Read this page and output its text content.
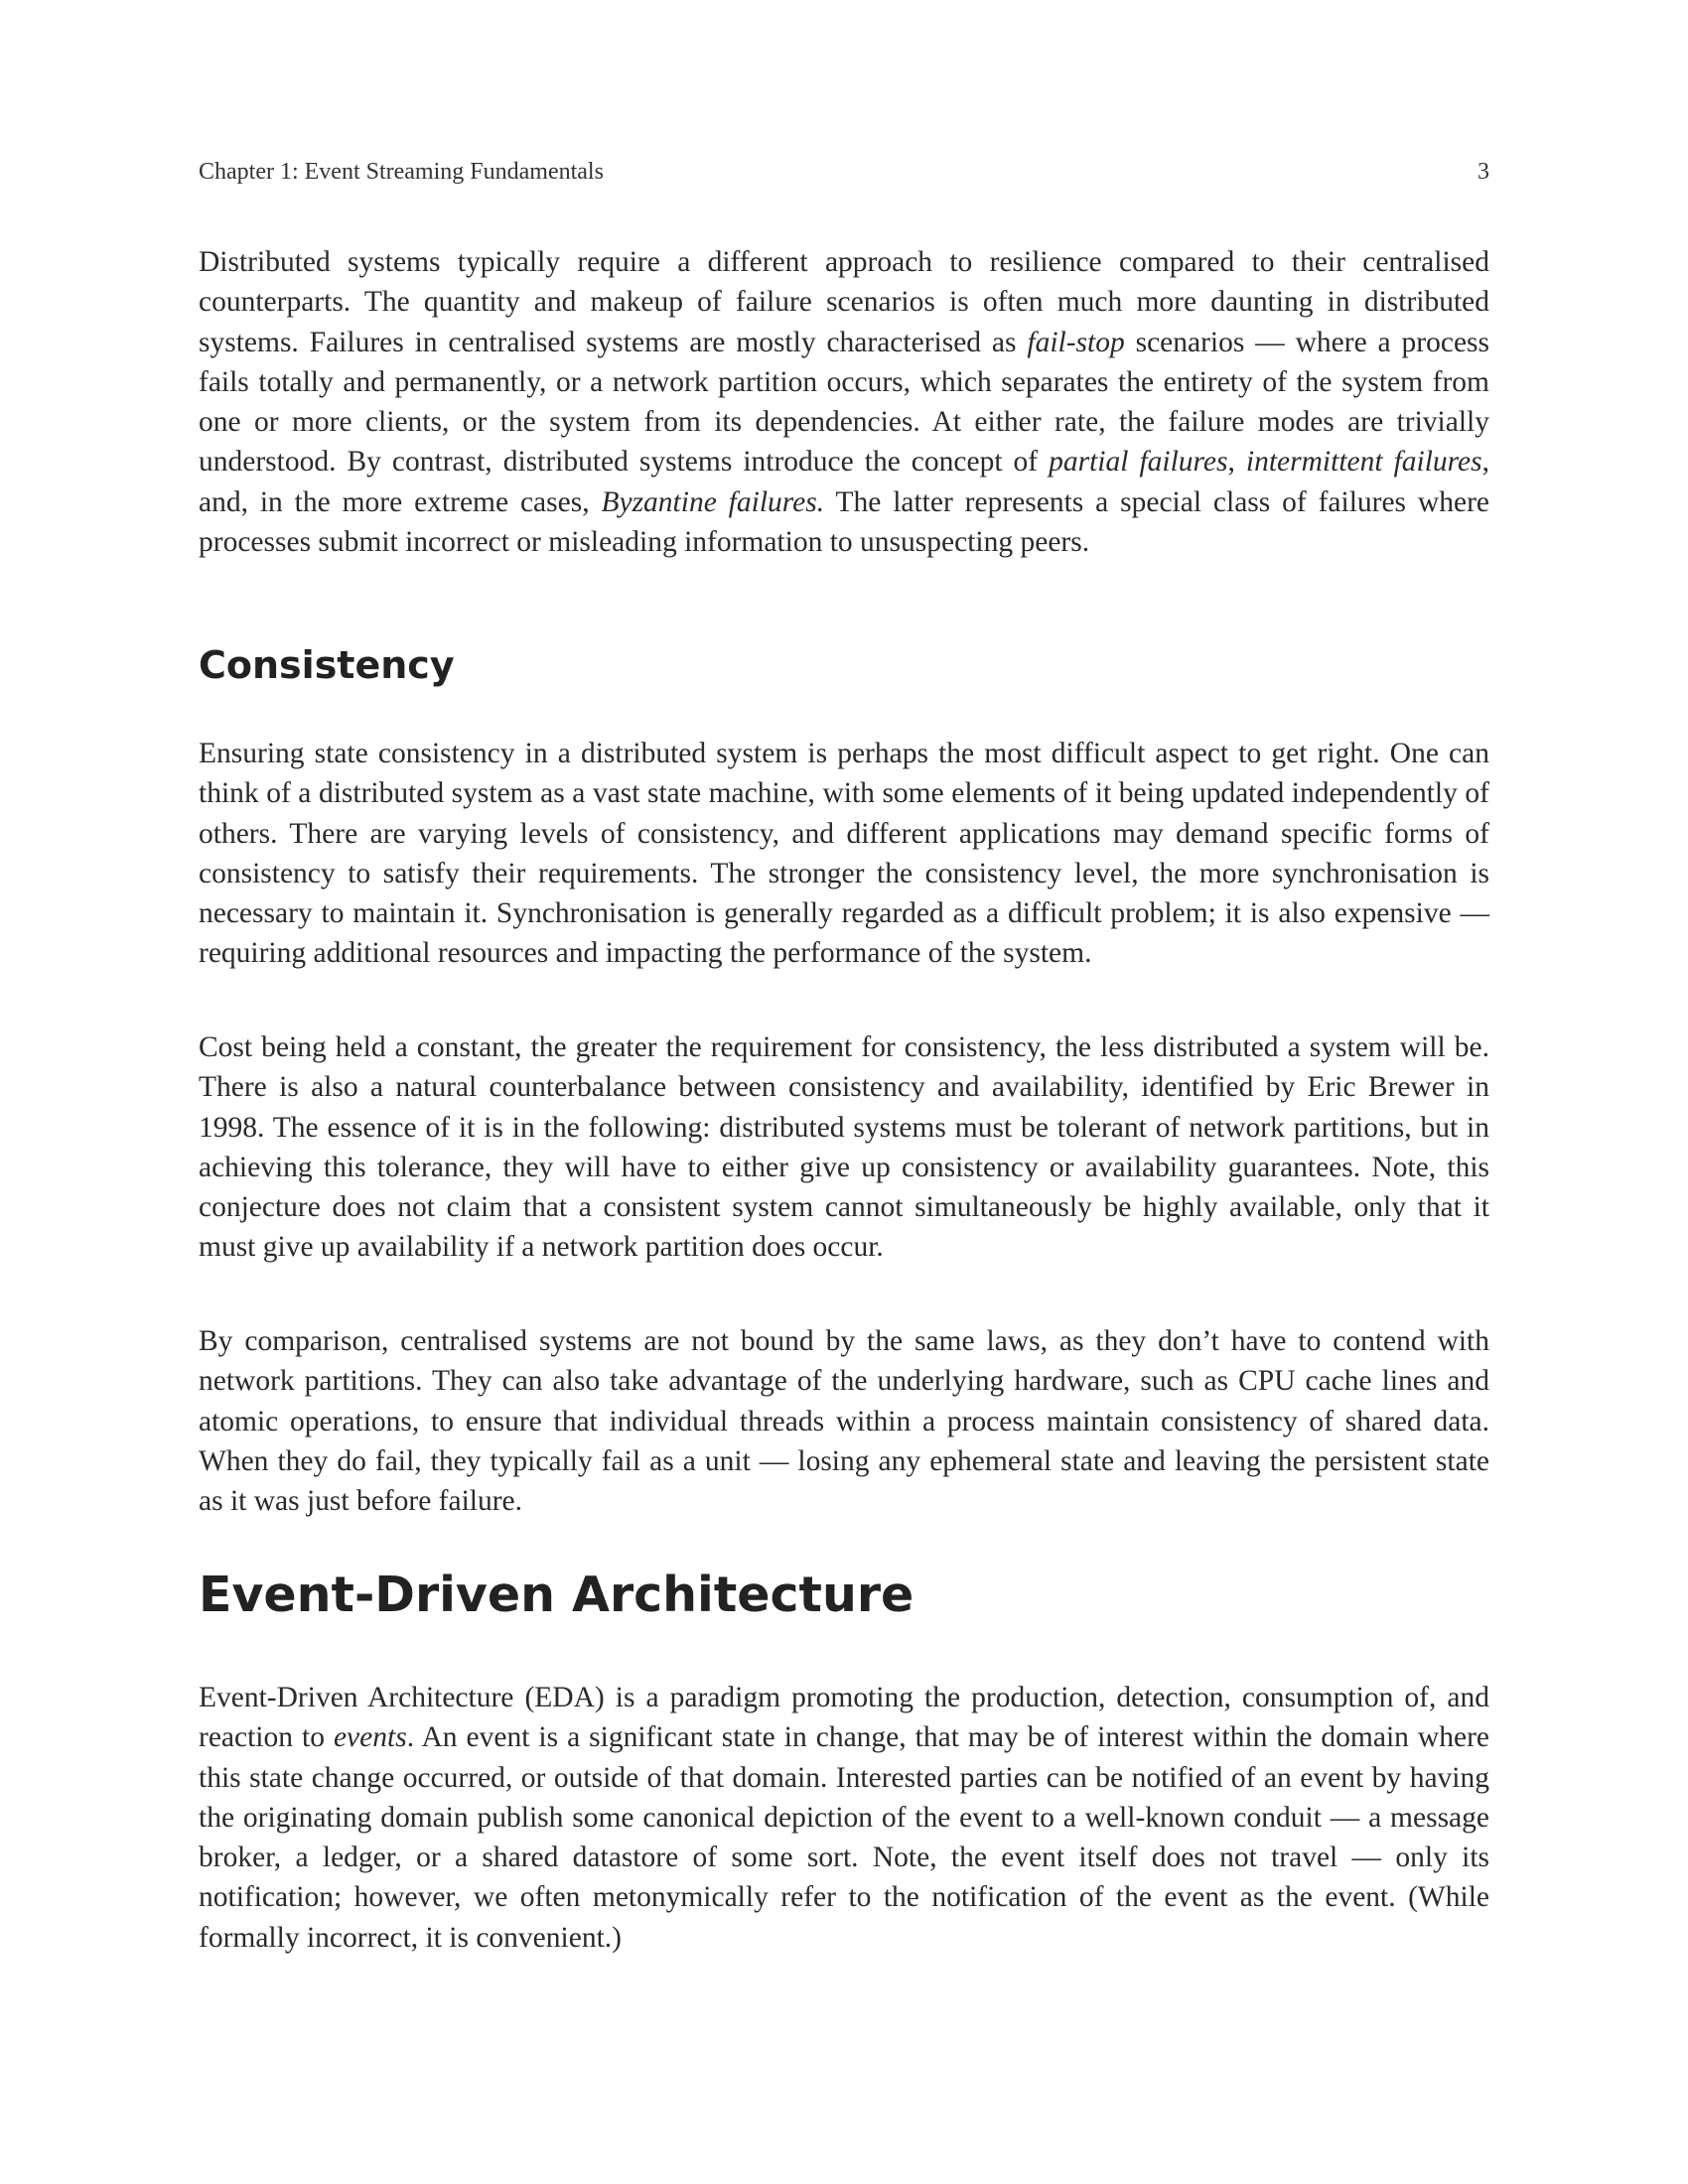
Chapter 1: Event Streaming Fundamentals	3

Distributed systems typically require a different approach to resilience compared to their centralised counterparts. The quantity and makeup of failure scenarios is often much more daunting in distributed systems. Failures in centralised systems are mostly characterised as fail-stop scenarios — where a process fails totally and permanently, or a network partition occurs, which separates the entirety of the system from one or more clients, or the system from its dependencies. At either rate, the failure modes are trivially understood. By contrast, distributed systems introduce the concept of partial failures, intermittent failures, and, in the more extreme cases, Byzantine failures. The latter represents a special class of failures where processes submit incorrect or misleading information to unsuspecting peers.

Consistency

Ensuring state consistency in a distributed system is perhaps the most difficult aspect to get right. One can think of a distributed system as a vast state machine, with some elements of it being updated independently of others. There are varying levels of consistency, and different applications may demand specific forms of consistency to satisfy their requirements. The stronger the consistency level, the more synchronisation is necessary to maintain it. Synchronisation is generally regarded as a difficult problem; it is also expensive — requiring additional resources and impacting the performance of the system.

Cost being held a constant, the greater the requirement for consistency, the less distributed a system will be. There is also a natural counterbalance between consistency and availability, identified by Eric Brewer in 1998. The essence of it is in the following: distributed systems must be tolerant of network partitions, but in achieving this tolerance, they will have to either give up consistency or availability guarantees. Note, this conjecture does not claim that a consistent system cannot simultaneously be highly available, only that it must give up availability if a network partition does occur.

By comparison, centralised systems are not bound by the same laws, as they don’t have to contend with network partitions. They can also take advantage of the underlying hardware, such as CPU cache lines and atomic operations, to ensure that individual threads within a process maintain consistency of shared data. When they do fail, they typically fail as a unit — losing any ephemeral state and leaving the persistent state as it was just before failure.

Event-Driven Architecture

Event-Driven Architecture (EDA) is a paradigm promoting the production, detection, consumption of, and reaction to events. An event is a significant state in change, that may be of interest within the domain where this state change occurred, or outside of that domain. Interested parties can be notified of an event by having the originating domain publish some canonical depiction of the event to a well-known conduit — a message broker, a ledger, or a shared datastore of some sort. Note, the event itself does not travel — only its notification; however, we often metonymically refer to the notification of the event as the event. (While formally incorrect, it is convenient.)
